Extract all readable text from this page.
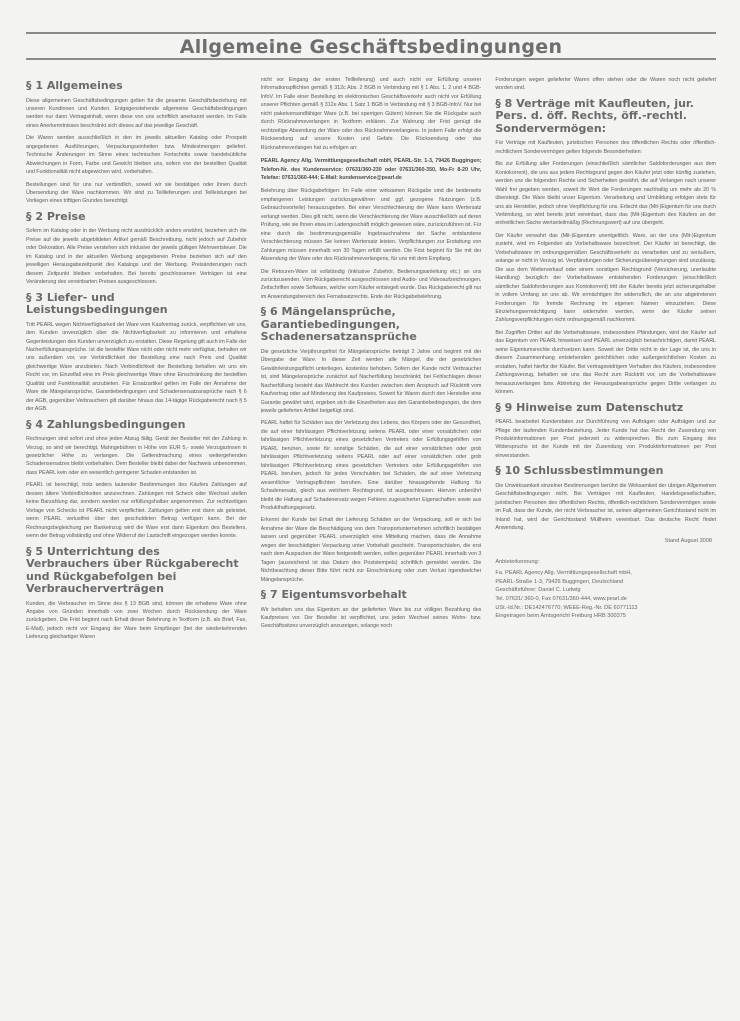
Allgemeine Geschäftsbedingungen
§ 1 Allgemeines

Diese allgemeinen Geschäftsbedingungen gelten für die gesamte Geschäftsbeziehung mit unseren Kundinnen und Kunden. Entgegenstehende allgemeine Geschäftsbedingungen werden nur dann Vertragsinhalt, wenn diese von uns schriftlich anerkannt werden. Im Falle eines Anerkenntnisses beschränkt sich dieses auf das jeweilige Geschäft.

Die Waren werden ausschließlich in den im jeweils aktuellen Katalog oder Prospekt angegebenen Ausführungen, Verpackungseinheiten bzw. Mindestmengen geliefert. Technische Änderungen im Sinne eines technischen Fortschritts sowie handelsübliche Abweichungen in Form, Farbe und Gewicht bleiben uns, sofern von der bestellten Qualität und Funktionalität nicht abgewichen wird, vorbehalten.

Bestellungen sind für uns nur verbindlich, soweit wir sie bestätigen oder ihnen durch Übersendung der Ware nachkommen. Wir sind zu Teillieferungen und Teilleistungen bei Vorliegen eines triftigen Grundes berechtigt.

§ 2 Preise

Sofern im Katalog oder in der Werbung nicht ausdrücklich anders erwähnt, beziehen sich die Preise auf die jeweils abgebildeten Artikel gemäß Beschreibung, nicht jedoch auf Zubehör oder Dekoration. Alle Preise verstehen sich inklusive der jeweils gültigen Mehrwertsteuer. Die im Katalog und in der aktuellen Werbung angegebenen Preise beziehen sich auf den jeweiligen Herausgabezeitpunkt des Katalogs und der Werbung. Preisänderungen nach diesem Zeitpunkt bleiben vorbehalten. Bei bereits geschlossenen Verträgen ist eine Veränderung des vereinbarten Preises ausgeschlossen.

§ 3 Liefer- und Leistungsbedingungen

Tritt PEARL wegen Nichtverfügbarkeit der Ware vom Kaufvertrag zurück, verpflichten wir uns, den Kunden unverzüglich über die Nichtverfügbarkeit zu informieren und erhaltene Gegenleistungen des Kunden unverzüglich zu erstatten. Diese Regelung gilt auch im Falle der Nacherfüllungsansprüche. Ist die bestellte Ware nicht oder nicht mehr verfügbar, behalten wir uns außerdem vor, vor Verbindlichkeit der Bestellung eine nach Preis und Qualität gleichwertige Ware anzubieten. Nach Verbindlichkeit der Bestellung behalten wir uns ein Recht vor, im Einzelfall eine im Preis gleichwertige Ware ohne Einschränkung der bestellten Qualität und Funktionalität anzubieten. Für Ersatzartikel gelten im Falle der Annahme der Ware die Mängelansprüche, Garantiebedingungen und Schadensersatzansprüche nach § 6 der AGB, gegenüber Verbrauchern gilt darüber hinaus das 14-tägige Rückgaberecht nach § 5 der AGB.

§ 4 Zahlungsbedingungen

Rechnungen sind sofort und ohne jeden Abzug fällig. Gerät der Besteller mit der Zahlung in Verzug, so sind wir berechtigt, Mahngebühren in Höhe von EUR 5,- sowie Verzugszinsen in gesetzlicher Höhe zu verlangen. Die Geltendmachung eines weitergehenden Schadensersatzes bleibt vorbehalten. Dem Besteller bleibt dabei der Nachweis unbenommen, dass PEARL kein oder ein wesentlich geringerer Schaden entstanden ist.

PEARL ist berechtigt, trotz anders lautender Bestimmungen des Käufers Zahlungen auf dessen ältere Verbindlichkeiten anzurechnen. Zahlungen mit Scheck oder Wechsel stellen keine Barzahlung dar, sondern werden nur erfüllungshalber angenommen. Zur rechtzeitigen Vorlage von Schecks ist PEARL nicht verpflichtet. Zahlungen gelten erst dann als geleistet, wenn PEARL verlustfrei über den geschuldeten Betrag verfügen kann. Bei der Rechnungsbegleichung per Bankeinzug wird die Ware erst dann Eigentum des Bestellers, wenn der Betrag vollständig und ohne Widerruf der Lastschrift eingezogen werden konnte.

§ 5 Unterrichtung des Verbrauchers über Rückgaberecht und Rückgabefolgen bei Verbraucherverträgen

Kunden, die Verbraucher im Sinne des § 13 BGB sind, können die erhaltene Ware ohne Angabe von Gründen innerhalb von zwei Wochen durch Rücksendung der Ware zurückgeben. Die Frist beginnt nach Erhalt dieser Belehrung in Textform (z.B. als Brief, Fax, E-Mail), jedoch nicht vor Eingang der Ware beim Empfänger (bei der wiederkehrenden Lieferung gleichartiger Waren

nicht vor Eingang der ersten Teillieferung) und auch nicht vor Erfüllung unserer Informationspflichten gemäß § 312c Abs. 2 BGB in Verbindung mit § 1 Abs. 1, 2 und 4 BGB-InfoV. Im Falle einer Bestellung im elektronischen Geschäftsverkehr auch nicht vor Erfüllung unserer Pflichten gemäß § 312e Abs. 1 Satz 1 BGB in Verbindung mit § 3 BGB-InfoV. Nur bei nicht paketversandfähiger Ware (z.B. bei sperrigen Gütern) können Sie die Rückgabe auch durch Rücknahmeverlangen in Textform erklären. Zur Wahrung der Frist genügt die rechtzeitige Absendung der Ware oder des Rücknahmeverlangens. In jedem Falle erfolgt die Rücksendung auf unsere Kosten und Gefahr. Die Rücksendung oder das Rücknahmeverlangen hat zu erfolgen an:

PEARL Agency Allg. Vermittlungsgesellschaft mbH, PEARL-Str. 1-3, 79426 Buggingen; Telefon-Nr. des Kundenservice: 07631/360-230 oder 07631/360-350, Mo-Fr 8-20 Uhr, Telefax: 07631/360-444; E-Mail: kundenservice@pearl.de

Belehrung über Rückgabefolgen: Im Falle einer wirksamen Rückgabe sind die beiderseits empfangenen Leistungen zurückzugewähren und ggf. gezogene Nutzungen (z.B. Gebrauchsvorteile) herauszugeben. Bei einer Verschlechterung der Ware kann Wertersatz verlangt werden. Dies gilt nicht, wenn die Verschlechterung der Ware ausschließlich auf deren Prüfung, wie sie Ihnen etwa im Ladengeschäft möglich gewesen wäre, zurückzuführen ist. Für eine durch die bestimmungsgemäße Ingebrauchnahme der Sache entstandene Verschlechterung müssen Sie keinen Wertersatz leisten. Verpflichtungen zur Erstattung von Zahlungen müssen innerhalb von 30 Tagen erfüllt werden. Die Frist beginnt für Sie mit der Absendung der Ware oder des Rücknahmeverlangens, für uns mit dem Empfang.

Die Retouren-Ware ist vollständig (inklusive Zubehör, Bedienungsanleitung etc.) an uns zurückzusenden. Vom Rückgaberecht ausgeschlossen sind Audio- und Videoaufzeichnungen, Zeitschriften sowie Software, welche vom Käufer entsiegelt wurde. Das Rückgaberecht gilt nur im Anwendungsbereich des Fernabsatzrechts. Ende der Rückgabebelehrung.

§ 6 Mängelansprüche, Garantiebedingungen, Schadenersatzansprüche

Die gesetzliche Verjährungsfrist für Mängelansprüche beträgt 2 Jahre und beginnt mit der Übergabe der Ware. In dieser Zeit werden alle Mängel, die der gesetzlichen Gewährleistungspflicht unterliegen, kostenlos behoben. Sofern der Kunde nicht Verbraucher ist, sind Mängelansprüche zunächst auf Nacherfüllung beschränkt; bei Fehlschlagen dieser Nacherfüllung besteht das Wahlrecht des Kunden zwischen dem Anspruch auf Rücktritt vom Kaufvertrag oder auf Minderung des Kaufpreises. Soweit für Waren durch den Hersteller eine Garantie gewährt wird, ergeben sich die Einzelheiten aus den Garantiebedingungen, die dem jeweils gelieferten Artikel beigefügt sind.

PEARL haftet für Schäden aus der Verletzung des Lebens, des Körpers oder der Gesundheit, die auf einer fahrlässigen Pflichtverletzung seitens PEARL oder einer vorsätzlichen oder fahrlässigen Pflichtverletzung eines gesetzlichen Vertreters oder Erfüllungsgehilfen von PEARL beruhen, sowie für sonstige Schäden, die auf einer vorsätzlichen oder grob fahrlässigen Pflichtverletzung seitens PEARL oder auf einer vorsätzlichen oder grob fahrlässigen Pflichtverletzung eines gesetzlichen Vertreters oder Erfüllungsgehilfen von PEARL beruhen, jedoch für jedes Verschulden bei Schäden, die auf einer Verletzung wesentlicher Vertragspflichten beruhen. Eine darüber hinausgehende Haftung für Schadenersatz, gleich aus welchem Rechtsgrund, ist ausgeschlossen. Hiervon unberührt bleibt die Haftung auf Schadenersatz wegen Fehlens zugesicherter Eigenschaften sowie aus Produkthaftungsgesetz.

Erkennt der Kunde bei Erhalt der Lieferung Schäden an der Verpackung, soll er sich bei Annahme der Ware die Beschädigung von dem Transportunternehmen schriftlich bestätigen lassen und gegenüber PEARL unverzüglich eine Mitteilung machen, dass die Annahme wegen der beschädigten Verpackung unter Vorbehalt geschieht. Transportschäden, die erst nach dem Auspacken der Ware festgestellt werden, sollen gegenüber PEARL innerhalb von 3 Tagen (ausreichend ist das Datum des Poststempels) schriftlich gemeldet werden. Die Nichtbeachtung dieser Bitte führt nicht zur Einschränkung oder zum Verlust irgendwelcher Mängelansprüche.

§ 7 Eigentumsvorbehalt

Wir behalten uns das Eigentum an der gelieferten Ware bis zur völligen Bezahlung des Kaufpreises vor. Der Besteller ist verpflichtet, uns jeden Wechsel seines Wohn- bzw. Geschäftssitzes unverzüglich anzuzeigen, solange noch

Forderungen wegen gelieferter Waren offen stehen oder die Waren noch nicht geliefert worden sind.

§ 8 Verträge mit Kaufleuten, jur. Pers. d. öff. Rechts, öff.-rechtl. Sondervermögen:

Für Verträge mit Kaufleuten, juristischen Personen des öffentlichen Rechts oder öffentlich-rechtlichem Sondervermögen gelten folgende Besonderheiten:

Bis zur Erfüllung aller Forderungen (einschließlich sämtlicher Saldoforderungen aus dem Kontokorrent), die uns aus jedem Rechtsgrund gegen den Käufer jetzt oder künftig zustehen, werden uns die folgenden Rechte und Sicherheiten gewährt, die auf Verlangen nach unserer Wahl frei gegeben werden, soweit ihr Wert die Forderungen nachhaltig um mehr als 20 % übersteigt. Die Ware bleibt unser Eigentum. Verarbeitung und Umbildung erfolgen stets für uns als Hersteller, jedoch ohne Verpflichtung für uns. Erlischt das (Mit-)Eigentum für uns durch Verbindung, so wird bereits jetzt vereinbart, dass das (Mit-)Eigentum des Käufers an der einheitlichen Sache wertanteilmäßig (Rechnungswert) auf uns übergeht.

Der Käufer verwahrt das (Mit-)Eigentum unentgeltlich. Ware, an der uns (Mit-)Eigentum zusteht, wird im Folgenden als Vorbehaltsware bezeichnet. Der Käufer ist berechtigt, die Vorbehaltsware im ordnungsgemäßen Geschäftsverkehr zu verarbeiten und zu veräußern, solange er nicht in Verzug ist. Verpfändungen oder Sicherungsübereignungen sind unzulässig. Die aus dem Weiterverkauf oder einem sonstigen Rechtsgrund (Versicherung, unerlaubte Handlung) bezüglich der Vorbehaltsware entstehenden Forderungen (einschließlich sämtlicher Saldoforderungen aus Kontokorrent) tritt der Käufer bereits jetzt sicherungshalber in vollem Umfang an uns ab. Wir ermächtigen ihn widerruflich, die an uns abgetretenen Forderungen für fremde Rechnung im eigenen Namen einzuziehen. Diese Einziehungsermächtigung kann widerrufen werden, wenn der Käufer seinen Zahlungsverpflichtungen nicht ordnungsgemäß nachkommt.

Bei Zugriffen Dritter auf die Vorbehaltsware, insbesondere Pfändungen, wird der Käufer auf das Eigentum von PEARL hinweisen und PEARL unverzüglich benachrichtigen, damit PEARL seine Eigentumsrechte durchsetzen kann. Soweit der Dritte nicht in der Lage ist, die uns in diesem Zusammenhang entstehenden gerichtlichen oder außergerichtlichen Kosten zu erstatten, haftet hierfür der Käufer. Bei vertragswidrigem Verhalten des Käufers, insbesondere Zahlungsverzug, behalten wir uns das Recht zum Rücktritt vor, um die Vorbehaltsware herauszuverlangen bzw. Abtretung der Herausgabeansprüche gegen Dritte verlangen zu können.

§ 9 Hinweise zum Datenschutz

PEARL bearbeitet Kundendaten zur Durchführung von Aufträgen oder Aufträgen und zur Pflege der laufenden Kundenbeziehung. Jeder Kunde hat das Recht der Zusendung von Produktinformationen per Post jederzeit zu widersprechen. Bis zum Eingang des Widerspruchs ist der Kunde mit der Zusendung von Produktinformationen per Post einverstanden.

§ 10 Schlussbestimmungen

Die Unwirksamkeit einzelner Bestimmungen berührt die Wirksamkeit der übrigen Allgemeinen Geschäftsbedingungen nicht. Bei Verträgen mit Kaufleuten, Handelsgesellschaften, juristischen Personen des öffentlichen Rechts, öffentlich-rechtlichem Sondervermögen sowie im Fall, dass der Kunde, der nicht Verbraucher ist, seinen allgemeinen Gerichtsstand nicht im Inland hat, wird der Gerichtsstand Müllheim vereinbart. Das deutsche Recht findet Anwendung.

Stand August 2008
Anbieterkennung:
Fa. PEARL Agency Allg. Vermittlungsgesellschaft mbH,
PEARL-Straße 1-3, 79426 Buggingen, Deutschland
Geschäftsführer: Daniel C. Ludwig
Tel. 07631/ 360-0, Fax 07631/360-444, www.pearl.de
USt.-Id.Nr.: DE142476770; WEEE-Reg.-Nr. DE 60771113
Eingetragen beim Amtsgericht Freiburg HRB 300375
